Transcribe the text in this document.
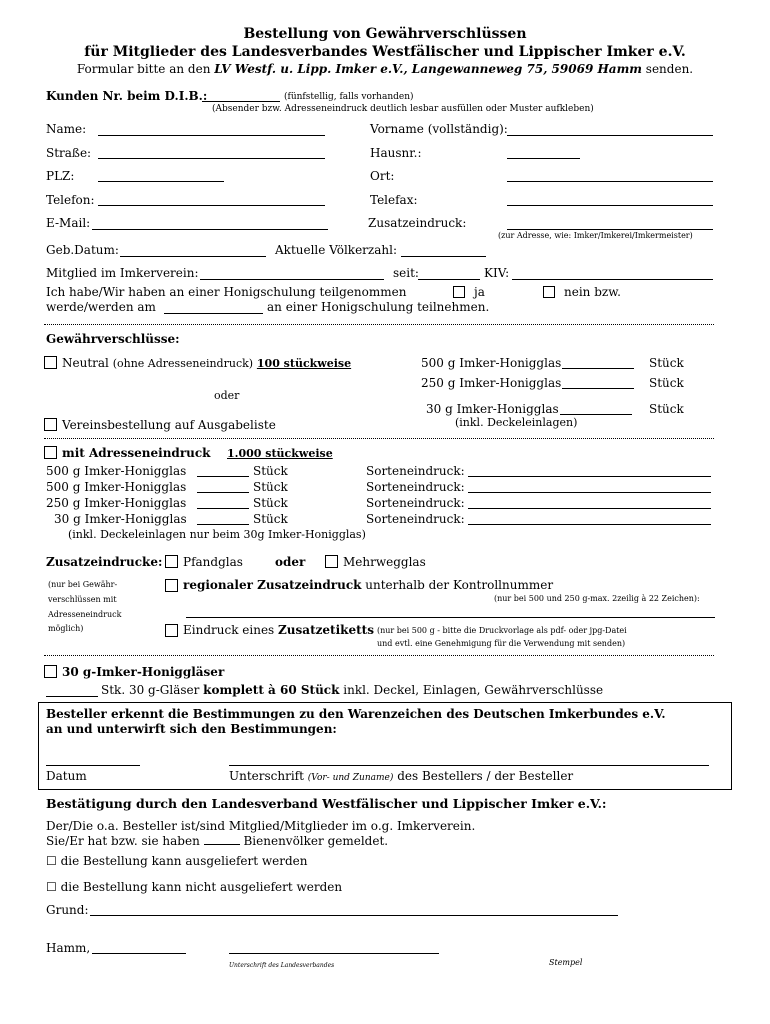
Bestellung von Gewährverschlüssen
für Mitglieder des Landesverbandes Westfälischer und Lippischer Imker e.V.
Formular bitte an den LV Westf. u. Lipp. Imker e.V., Langewanneweg 75, 59069 Hamm senden.
Kunden Nr. beim D.I.B.:	(fünfstellig, falls vorhanden)
(Absender bzw. Adresseneindruck deutlich lesbar ausfüllen oder Muster aufkleben)
Name:	Vorname (vollständig):
Straße:	Hausnr.:
PLZ:	Ort:
Telefon:	Telefax:
E-Mail:	Zusatzeindruck:
(zur Adresse, wie: Imker/Imkerei/Imkermeister)
Geb.Datum:	Aktuelle Völkerzahl:
Mitglied im Imkerverein:	seit:	KIV:
Ich habe/Wir haben an einer Honigschulung teilgenommen	ja	nein bzw.
werde/werden am	an einer Honigschulung teilnehmen.
Gewährverschlüsse:
Neutral (ohne Adresseneindruck) 100 stückweise	500 g Imker-Honigglas	Stück
250 g Imker-Honigglas	Stück
oder
30 g Imker-Honigglas	Stück
(inkl. Deckeleinlagen)
Vereinsbestellung auf Ausgabeliste
mit Adresseneindruck 1.000 stückweise
500 g Imker-Honigglas	Stück	Sorteneindruck:
500 g Imker-Honigglas	Stück	Sorteneindruck:
250 g Imker-Honigglas	Stück	Sorteneindruck:
30 g Imker-Honigglas	Stück	Sorteneindruck:
(inkl. Deckeleinlagen nur beim 30g Imker-Honigglas)
Zusatzeindrucke: Pfandglas	oder	Mehrwegglas
(nur bei Gewähr-
verschlüssen mit
Adresseneindruck
möglich)
regionaler Zusatzeindruck unterhalb der Kontrollnummer
(nur bei 500 und 250 g-max. 2zeilig à 22 Zeichen):
Eindruck eines Zusatzetiketts (nur bei 500 g - bitte die Druckvorlage als pdf- oder jpg-Datei
und evtl. eine Genehmigung für die Verwendung mit senden)
30 g-Imker-Honiggläser
Stk. 30 g-Gläser komplett à 60 Stück inkl. Deckel, Einlagen, Gewährverschlüsse
Besteller erkennt die Bestimmungen zu den Warenzeichen des Deutschen Imkerbundes e.V.
an und unterwirft sich den Bestimmungen:
Datum	Unterschrift (Vor- und Zuname) des Bestellers / der Besteller
Bestätigung durch den Landesverband Westfälischer und Lippischer Imker e.V.:
Der/Die o.a. Besteller ist/sind Mitglied/Mitglieder im o.g. Imkerverein.
Sie/Er hat bzw. sie haben	Bienenvölker gemeldet.
☐ die Bestellung kann ausgeliefert werden
☐ die Bestellung kann nicht ausgeliefert werden
Grund:
Hamm,
Unterschrift des Landesverbandes	Stempel
